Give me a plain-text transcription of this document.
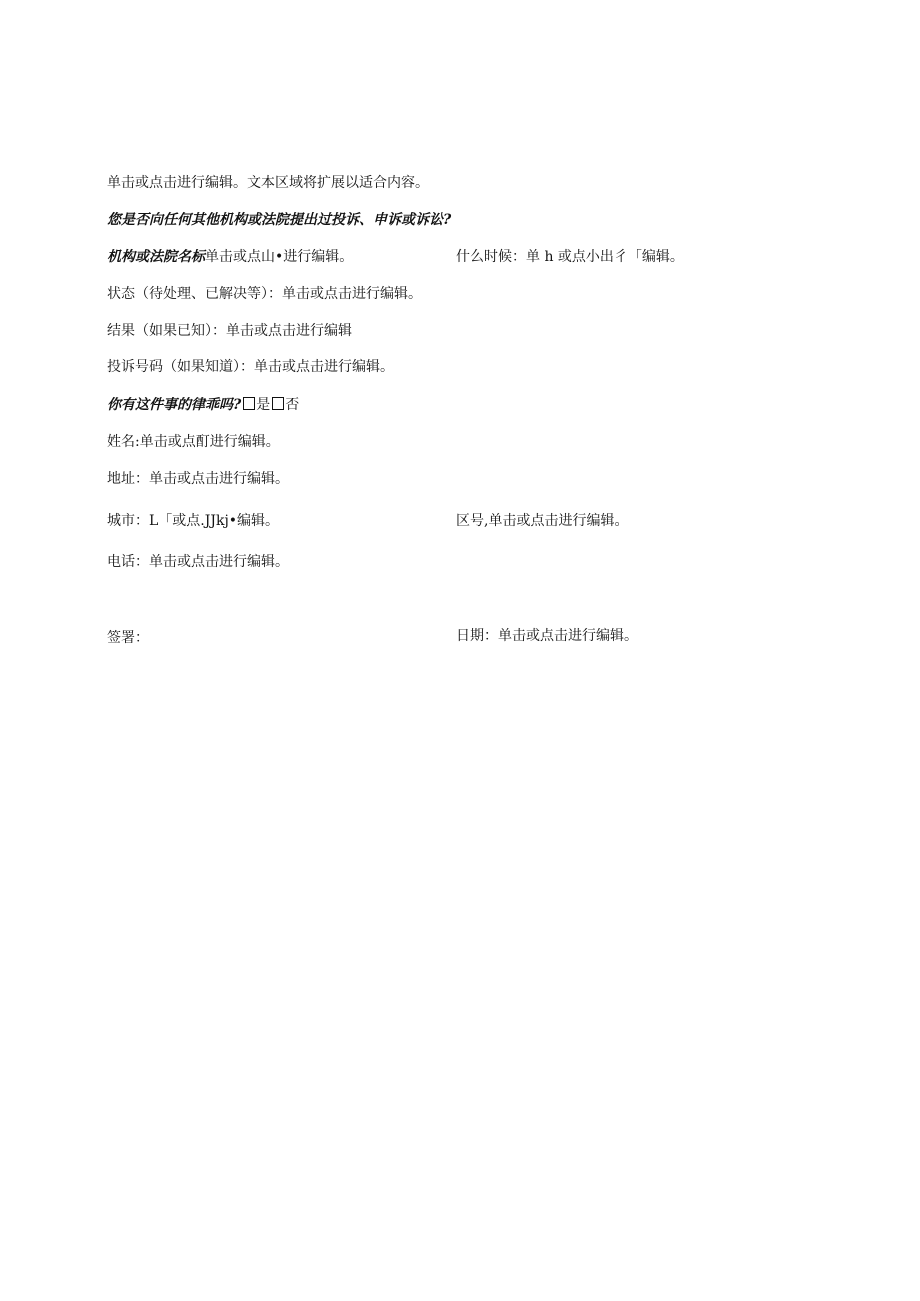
单击或点击进行编辑。文本区域将扩展以适合内容。
您是否向任何其他机构或法院提出过投诉、申诉或诉讼?
机构或法院名标单击或点山•进行编辑。	什么时候：单 h 或点小出彳「编辑。
状态（待处理、已解决等）：单击或点击进行编辑。
结果（如果已知）：单击或点击进行编辑
投诉号码（如果知道）：单击或点击进行编辑。
你有这件事的律乖吗? 是 否
姓名:单击或点酊进行编辑。
地址：单击或点击进行编辑。
城市：L「或点.JJkj•编辑。	区号,单击或点击进行编辑。
电话：单击或点击进行编辑。
签署：	日期：单击或点击进行编辑。
